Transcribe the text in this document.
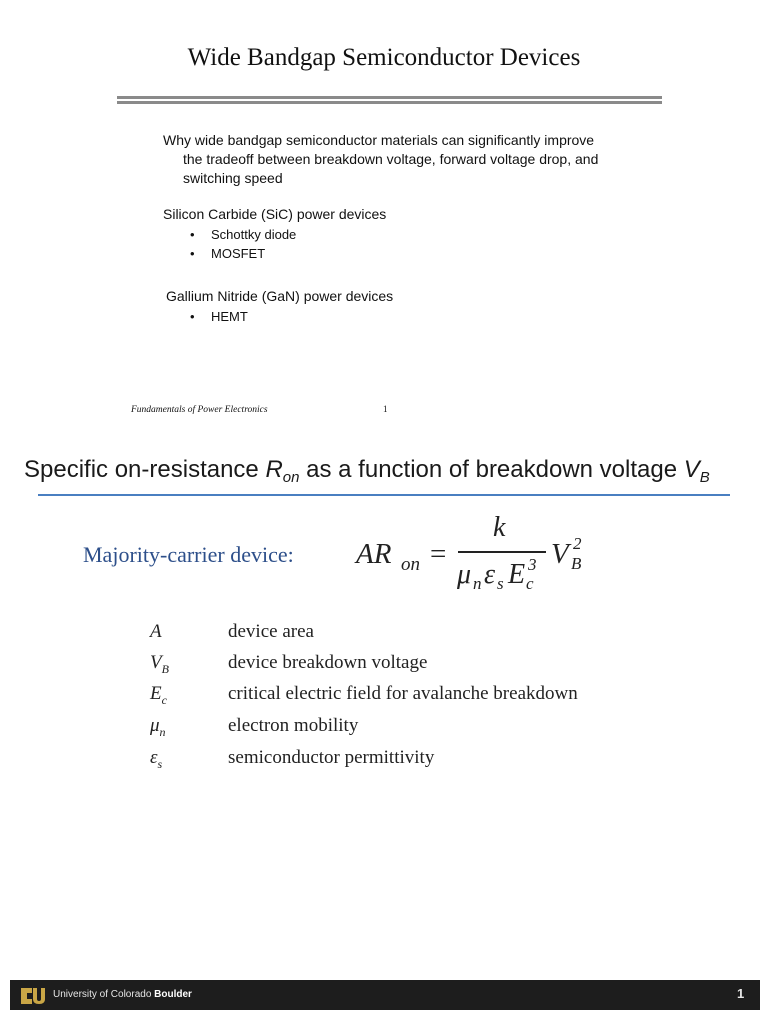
Wide Bandgap Semiconductor Devices
Why wide bandgap semiconductor materials can significantly improve the tradeoff between breakdown voltage, forward voltage drop, and switching speed
Silicon Carbide (SiC) power devices
• Schottky diode
• MOSFET
Gallium Nitride (GaN) power devices
• HEMT
Fundamentals of Power Electronics	1
Specific on-resistance $R_{on}$ as a function of breakdown voltage $V_B$
Majority-carrier device: AR on =
k
μ n ε s E c
3 V B
2
A	device area
$V_B$	device breakdown voltage
$E_c$	critical electric field for avalanche breakdown
$\mu_n$	electron mobility
$\varepsilon_s$	semiconductor permittivity
University of Colorado Boulder	1
